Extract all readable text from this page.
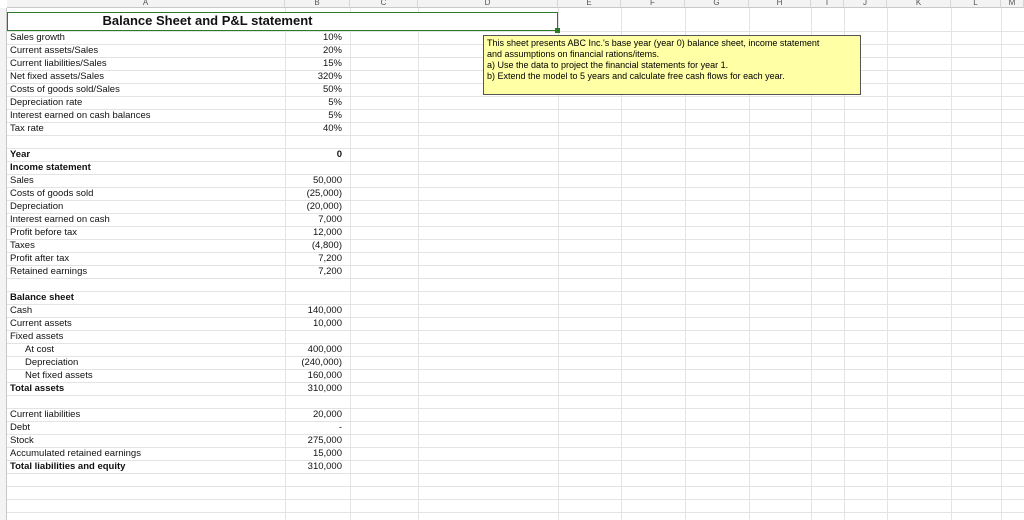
A	B	C	D	E	F	G	H	I	J	K	L	M
Balance Sheet and P&L statement
This sheet presents ABC Inc.'s base year (year 0) balance sheet, income statement
and assumptions on financial rations/items.
a) Use the data to project the financial statements for year 1.
b) Extend the model to 5 years and calculate free cash flows for each year.
Sales growth	10%
Current assets/Sales	20%
Current liabilities/Sales	15%
Net fixed assets/Sales	320%
Costs of goods sold/Sales	50%
Depreciation rate	5%
Interest earned on cash balances	5%
Tax rate	40%
Year	0
Income statement
Sales	50,000
Costs of goods sold	(25,000)
Depreciation	(20,000)
Interest earned on cash	7,000
Profit before tax	12,000
Taxes	(4,800)
Profit after tax	7,200
Retained earnings	7,200
Balance sheet
Cash	140,000
Current assets	10,000
Fixed assets
At cost	400,000
Depreciation	(240,000)
Net fixed assets	160,000
Total assets	310,000
Current liabilities	20,000
Debt	-
Stock	275,000
Accumulated retained earnings	15,000
Total liabilities and equity	310,000
